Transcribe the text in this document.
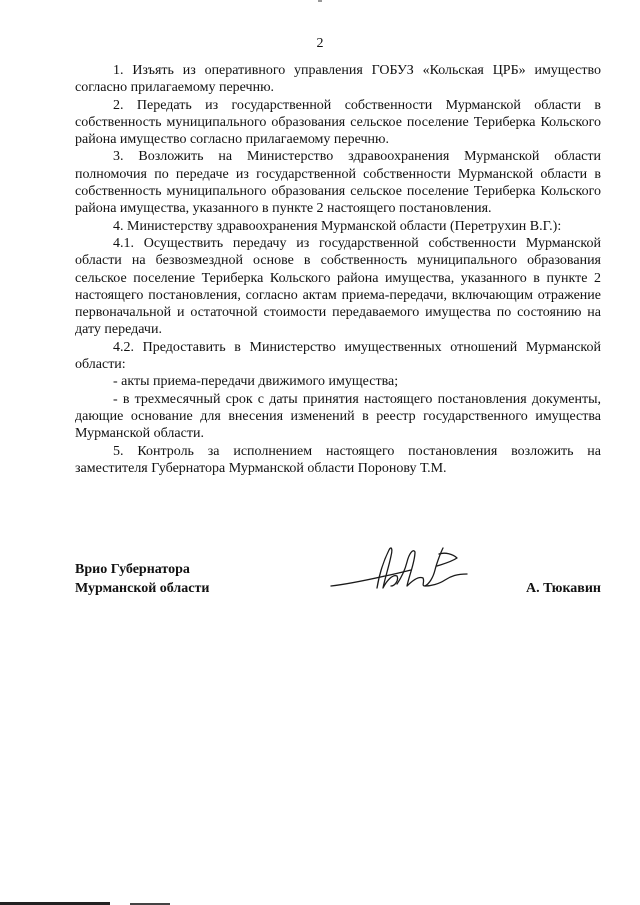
2

1. Изъять из оперативного управления ГОБУЗ «Кольская ЦРБ» имущество согласно прилагаемому перечню.

2. Передать из государственной собственности Мурманской области в собственность муниципального образования сельское поселение Териберка Кольского района имущество согласно прилагаемому перечню.

3. Возложить на Министерство здравоохранения Мурманской области полномочия по передаче из государственной собственности Мурманской области в собственность муниципального образования сельское поселение Териберка Кольского района имущества, указанного в пункте 2 настоящего постановления.

4. Министерству здравоохранения Мурманской области (Перетрухин В.Г.):

4.1. Осуществить передачу из государственной собственности Мурманской области на безвозмездной основе в собственность муниципального образования сельское поселение Териберка Кольского района имущества, указанного в пункте 2 настоящего постановления, согласно актам приема-передачи, включающим отражение первоначальной и остаточной стоимости передаваемого имущества по состоянию на дату передачи.

4.2. Предоставить в Министерство имущественных отношений Мурманской области:

- акты приема-передачи движимого имущества;

- в трехмесячный срок с даты принятия настоящего постановления документы, дающие основание для внесения изменений в реестр государственного имущества Мурманской области.

5. Контроль за исполнением настоящего постановления возложить на заместителя Губернатора Мурманской области Поронову Т.М.

Врио Губернатора
Мурманской области	А. Тюкавин
